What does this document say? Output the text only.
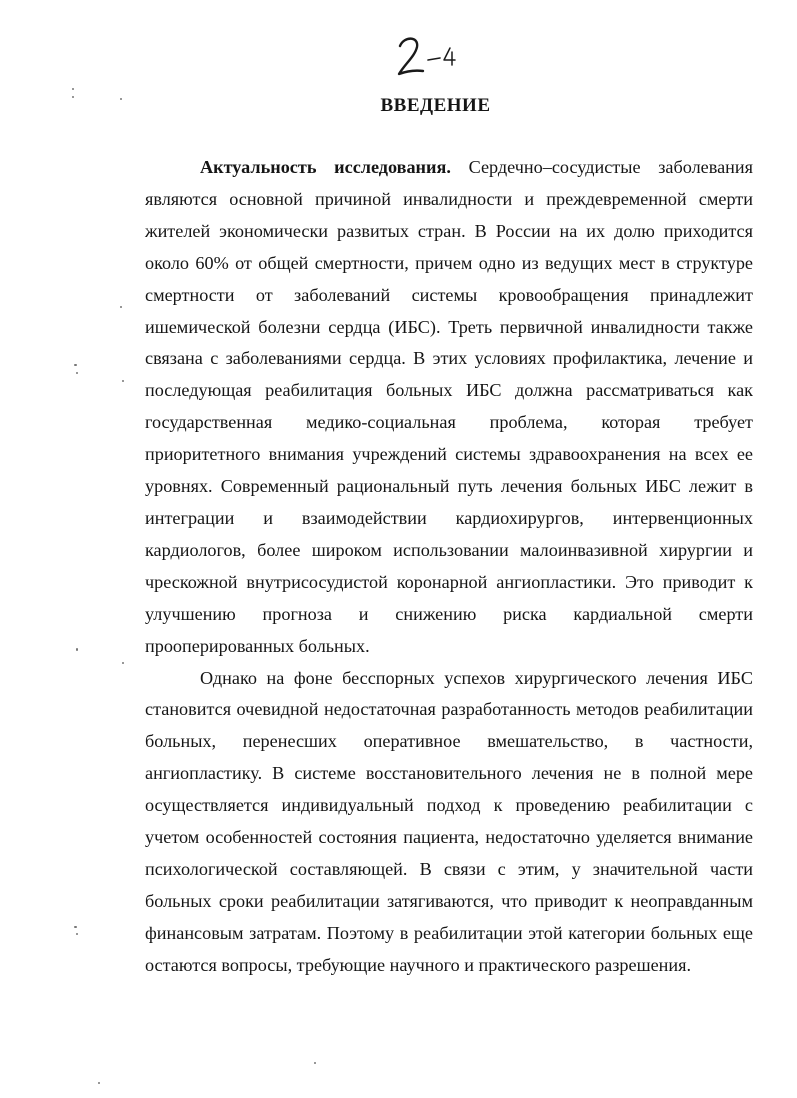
ВВЕДЕНИЕ

Актуальность исследования. Сердечно–сосудистые заболевания являются основной причиной инвалидности и преждевременной смерти жителей экономически развитых стран. В России на их долю приходится около 60% от общей смертности, причем одно из ведущих мест в структуре смертности от заболеваний системы кровообращения принадлежит ишемической болезни сердца (ИБС). Треть первичной инвалидности также связана с заболеваниями сердца. В этих условиях профилактика, лечение и последующая реабилитация больных ИБС должна рассматриваться как государственная медико-социальная проблема, которая требует приоритетного внимания учреждений системы здравоохранения на всех ее уровнях. Современный рациональный путь лечения больных ИБС лежит в интеграции и взаимодействии кардиохирургов, интервенционных кардиологов, более широком использовании малоинвазивной хирургии и чрескожной внутрисосудистой коронарной ангиопластики. Это приводит к улучшению прогноза и снижению риска кардиальной смерти прооперированных больных.

Однако на фоне бесспорных успехов хирургического лечения ИБС становится очевидной недостаточная разработанность методов реабилитации больных, перенесших оперативное вмешательство, в частности, ангиопластику. В системе восстановительного лечения не в полной мере осуществляется индивидуальный подход к проведению реабилитации с учетом особенностей состояния пациента, недостаточно уделяется внимание психологической составляющей. В связи с этим, у значительной части больных сроки реабилитации затягиваются, что приводит к неоправданным финансовым затратам. Поэтому в реабилитации этой категории больных еще остаются вопросы, требующие научного и практического разрешения.
